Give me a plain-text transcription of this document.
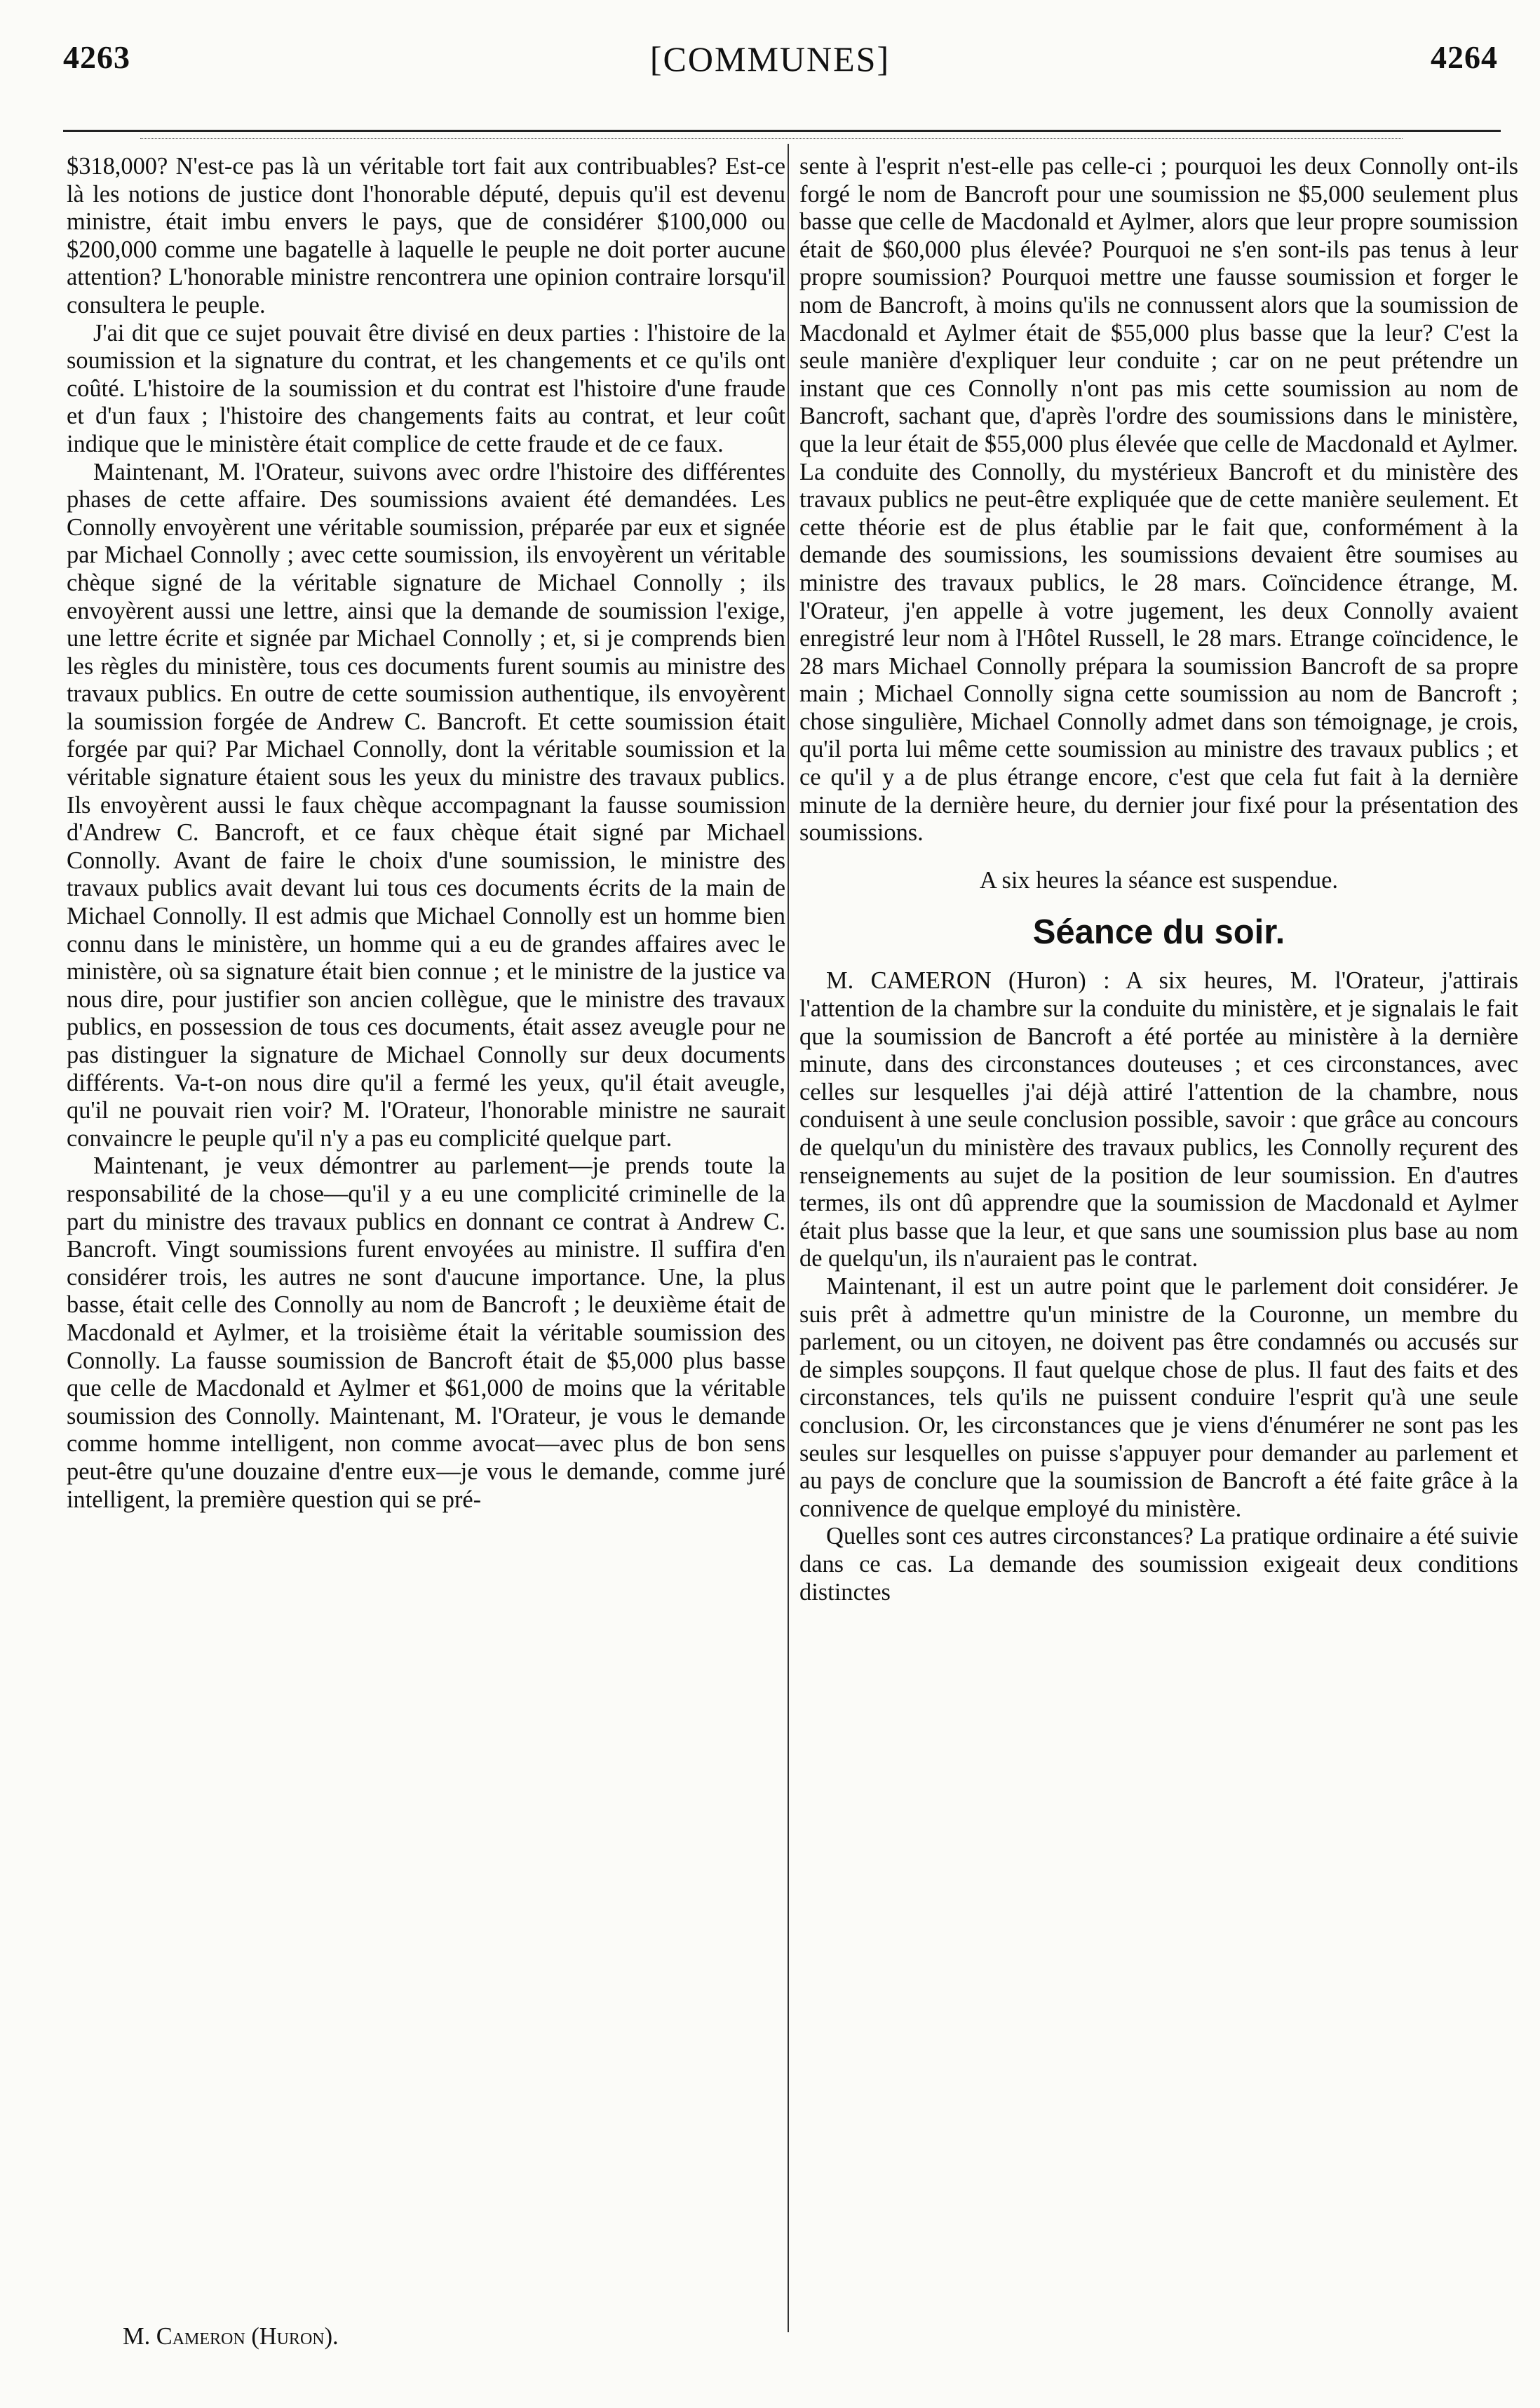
4263	[COMMUNES]	4264

$318,000? N'est-ce pas là un véritable tort fait aux contribuables? Est-ce là les notions de justice dont l'honorable député, depuis qu'il est devenu ministre, était imbu envers le pays, que de considérer $100,000 ou $200,000 comme une bagatelle à laquelle le peuple ne doit porter aucune attention? L'honorable ministre rencontrera une opinion contraire lorsqu'il consultera le peuple.

J'ai dit que ce sujet pouvait être divisé en deux parties : l'histoire de la soumission et la signature du contrat, et les changements et ce qu'ils ont coûté. L'histoire de la soumission et du contrat est l'histoire d'une fraude et d'un faux ; l'histoire des changements faits au contrat, et leur coût indique que le ministère était complice de cette fraude et de ce faux.

Maintenant, M. l'Orateur, suivons avec ordre l'histoire des différentes phases de cette affaire. Des soumissions avaient été demandées. Les Connolly envoyèrent une véritable soumission, préparée par eux et signée par Michael Connolly ; avec cette soumission, ils envoyèrent un véritable chèque signé de la véritable signature de Michael Connolly ; ils envoyèrent aussi une lettre, ainsi que la demande de soumission l'exige, une lettre écrite et signée par Michael Connolly ; et, si je comprends bien les règles du ministère, tous ces documents furent soumis au ministre des travaux publics. En outre de cette soumission authentique, ils envoyèrent la soumission forgée de Andrew C. Bancroft. Et cette soumission était forgée par qui? Par Michael Connolly, dont la véritable soumission et la véritable signature étaient sous les yeux du ministre des travaux publics. Ils envoyèrent aussi le faux chèque accompagnant la fausse soumission d'Andrew C. Bancroft, et ce faux chèque était signé par Michael Connolly. Avant de faire le choix d'une soumission, le ministre des travaux publics avait devant lui tous ces documents écrits de la main de Michael Connolly. Il est admis que Michael Connolly est un homme bien connu dans le ministère, un homme qui a eu de grandes affaires avec le ministère, où sa signature était bien connue ; et le ministre de la justice va nous dire, pour justifier son ancien collègue, que le ministre des travaux publics, en possession de tous ces documents, était assez aveugle pour ne pas distinguer la signature de Michael Connolly sur deux documents différents. Va-t-on nous dire qu'il a fermé les yeux, qu'il était aveugle, qu'il ne pouvait rien voir? M. l'Orateur, l'honorable ministre ne saurait convaincre le peuple qu'il n'y a pas eu complicité quelque part.

Maintenant, je veux démontrer au parlement—je prends toute la responsabilité de la chose—qu'il y a eu une complicité criminelle de la part du ministre des travaux publics en donnant ce contrat à Andrew C. Bancroft. Vingt soumissions furent envoyées au ministre. Il suffira d'en considérer trois, les autres ne sont d'aucune importance. Une, la plus basse, était celle des Connolly au nom de Bancroft ; le deuxième était de Macdonald et Aylmer, et la troisième était la véritable soumission des Connolly. La fausse soumission de Bancroft était de $5,000 plus basse que celle de Macdonald et Aylmer et $61,000 de moins que la véritable soumission des Connolly. Maintenant, M. l'Orateur, je vous le demande comme homme intelligent, non comme avocat—avec plus de bon sens peut-être qu'une douzaine d'entre eux—je vous le demande, comme juré intelligent, la première question qui se pré-

M. Cameron (Huron).

sente à l'esprit n'est-elle pas celle-ci ; pourquoi les deux Connolly ont-ils forgé le nom de Bancroft pour une soumission ne $5,000 seulement plus basse que celle de Macdonald et Aylmer, alors que leur propre soumission était de $60,000 plus élevée? Pourquoi ne s'en sont-ils pas tenus à leur propre soumission? Pourquoi mettre une fausse soumission et forger le nom de Bancroft, à moins qu'ils ne connussent alors que la soumission de Macdonald et Aylmer était de $55,000 plus basse que la leur? C'est la seule manière d'expliquer leur conduite ; car on ne peut prétendre un instant que ces Connolly n'ont pas mis cette soumission au nom de Bancroft, sachant que, d'après l'ordre des soumissions dans le ministère, que la leur était de $55,000 plus élevée que celle de Macdonald et Aylmer. La conduite des Connolly, du mystérieux Bancroft et du ministère des travaux publics ne peut-être expliquée que de cette manière seulement. Et cette théorie est de plus établie par le fait que, conformément à la demande des soumissions, les soumissions devaient être soumises au ministre des travaux publics, le 28 mars. Coïncidence étrange, M. l'Orateur, j'en appelle à votre jugement, les deux Connolly avaient enregistré leur nom à l'Hôtel Russell, le 28 mars. Etrange coïncidence, le 28 mars Michael Connolly prépara la soumission Bancroft de sa propre main ; Michael Connolly signa cette soumission au nom de Bancroft ; chose singulière, Michael Connolly admet dans son témoignage, je crois, qu'il porta lui même cette soumission au ministre des travaux publics ; et ce qu'il y a de plus étrange encore, c'est que cela fut fait à la dernière minute de la dernière heure, du dernier jour fixé pour la présentation des soumissions.

A six heures la séance est suspendue.

Séance du soir.

M. CAMERON (Huron) : A six heures, M. l'Orateur, j'attirais l'attention de la chambre sur la conduite du ministère, et je signalais le fait que la soumission de Bancroft a été portée au ministère à la dernière minute, dans des circonstances douteuses ; et ces circonstances, avec celles sur lesquelles j'ai déjà attiré l'attention de la chambre, nous conduisent à une seule conclusion possible, savoir : que grâce au concours de quelqu'un du ministère des travaux publics, les Connolly reçurent des renseignements au sujet de la position de leur soumission. En d'autres termes, ils ont dû apprendre que la soumission de Macdonald et Aylmer était plus basse que la leur, et que sans une soumission plus base au nom de quelqu'un, ils n'auraient pas le contrat.

Maintenant, il est un autre point que le parlement doit considérer. Je suis prêt à admettre qu'un ministre de la Couronne, un membre du parlement, ou un citoyen, ne doivent pas être condamnés ou accusés sur de simples soupçons. Il faut quelque chose de plus. Il faut des faits et des circonstances, tels qu'ils ne puissent conduire l'esprit qu'à une seule conclusion. Or, les circonstances que je viens d'énumérer ne sont pas les seules sur lesquelles on puisse s'appuyer pour demander au parlement et au pays de conclure que la soumission de Bancroft a été faite grâce à la connivence de quelque employé du ministère.

Quelles sont ces autres circonstances? La pratique ordinaire a été suivie dans ce cas. La demande des soumission exigeait deux conditions distinctes
